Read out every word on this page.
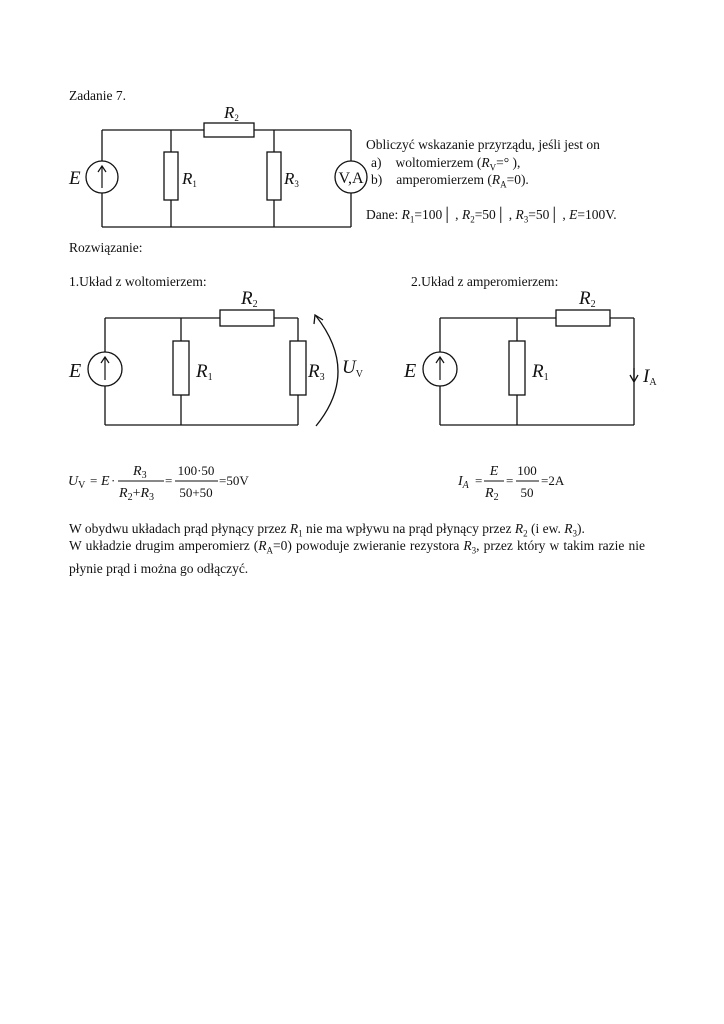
Zadanie 7.
E	R1
R2
R3 V,A
Obliczyć wskazanie przyrządu, jeśli jest on
a) woltomierzem ($R_V=^\circ$ ),
b) amperomierzem $(R_A=0)$.
Dane: $R_1=100│$ , $R_2=50│$ , $R_3=50│$ , E=100V.
Rozwiązanie:
1.Układ z woltomierzem:	2.Układ z amperomierzem:
E	R1
R2
R3 $U_V$ E	R1
R2
IA
$U_V = E$ ·
$R_3$
$R_2+R_3$
=
100·50
50+50
=50V	$I_A$ =
E
$R_2$
=
100
50
=2A
W obydwu układach prąd płynący przez $R_1$ nie ma wpływu na prąd płynący przez $R_2$ (i ew. $R_3$).
W układzie drugim amperomierz $(R_A=0)$ powoduje zwieranie rezystora $R_3$, przez który w takim razie nie płynie prąd i można go odłączyć.
